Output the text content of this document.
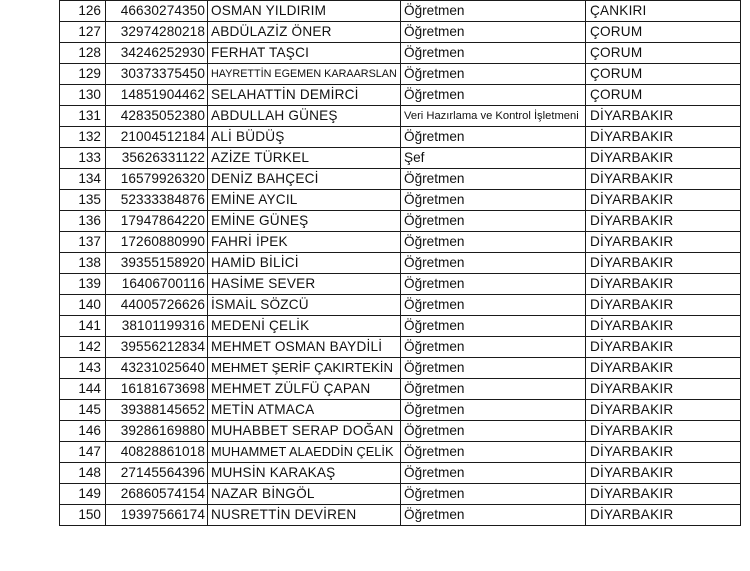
126	46630274350	OSMAN YILDIRIM	Öğretmen	ÇANKIRI
127	32974280218	ABDÜLAZİZ ÖNER	Öğretmen	ÇORUM
128	34246252930	FERHAT TAŞCI	Öğretmen	ÇORUM
129	30373375450	HAYRETTİN EGEMEN KARAARSLAN	Öğretmen	ÇORUM
130	14851904462	SELAHATTİN DEMİRCİ	Öğretmen	ÇORUM
131	42835052380	ABDULLAH GÜNEŞ	Veri Hazırlama ve Kontrol İşletmeni	DİYARBAKIR
132	21004512184	ALİ BÜDÜŞ	Öğretmen	DİYARBAKIR
133	35626331122	AZİZE TÜRKEL	Şef	DİYARBAKIR
134	16579926320	DENİZ BAHÇECİ	Öğretmen	DİYARBAKIR
135	52333384876	EMİNE AYCIL	Öğretmen	DİYARBAKIR
136	17947864220	EMİNE GÜNEŞ	Öğretmen	DİYARBAKIR
137	17260880990	FAHRİ İPEK	Öğretmen	DİYARBAKIR
138	39355158920	HAMİD BİLİCİ	Öğretmen	DİYARBAKIR
139	16406700116	HASİME SEVER	Öğretmen	DİYARBAKIR
140	44005726626	İSMAİL SÖZCÜ	Öğretmen	DİYARBAKIR
141	38101199316	MEDENİ ÇELİK	Öğretmen	DİYARBAKIR
142	39556212834	MEHMET OSMAN BAYDİLİ	Öğretmen	DİYARBAKIR
143	43231025640	MEHMET ŞERİF ÇAKIRTEKİN	Öğretmen	DİYARBAKIR
144	16181673698	MEHMET ZÜLFÜ ÇAPAN	Öğretmen	DİYARBAKIR
145	39388145652	METİN ATMACA	Öğretmen	DİYARBAKIR
146	39286169880	MUHABBET SERAP DOĞAN	Öğretmen	DİYARBAKIR
147	40828861018	MUHAMMET ALAEDDİN ÇELİK	Öğretmen	DİYARBAKIR
148	27145564396	MUHSİN KARAKAŞ	Öğretmen	DİYARBAKIR
149	26860574154	NAZAR BİNGÖL	Öğretmen	DİYARBAKIR
150	19397566174	NUSRETTİN DEVİREN	Öğretmen	DİYARBAKIR
